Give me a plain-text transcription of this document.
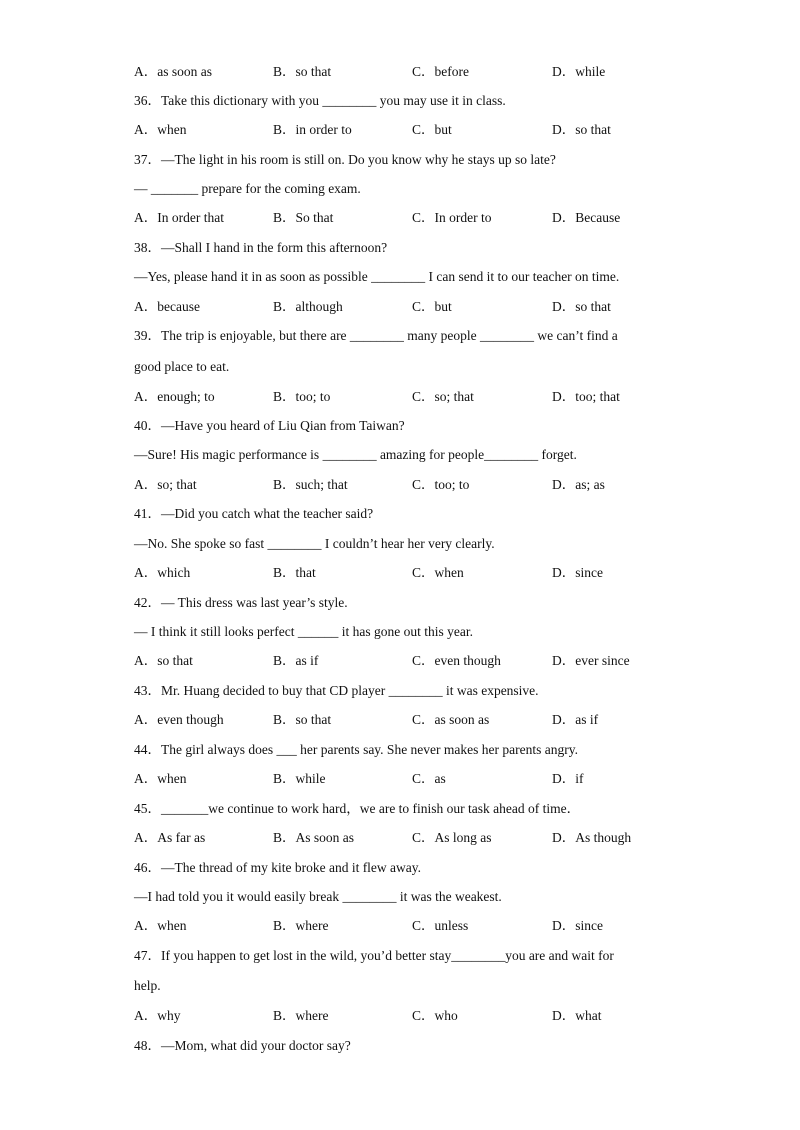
A．as soon as	B．so that	C．before	D．while
36．Take this dictionary with you ________ you may use it in class.
A．when	B．in order to	C．but	D．so that
37．—The light in his room is still on. Do you know why he stays up so late?
— _______ prepare for the coming exam.
A．In order that	B．So that	C．In order to	D．Because
38．—Shall I hand in the form this afternoon?
—Yes, please hand it in as soon as possible ________ I can send it to our teacher on time.
A．because	B．although	C．but	D．so that
39．The trip is enjoyable, but there are ________ many people ________ we can’t find a
good place to eat.
A．enough; to	B．too; to	C．so; that	D．too; that
40．—Have you heard of Liu Qian from Taiwan?
—Sure! His magic performance is ________ amazing for people________ forget.
A．so; that	B．such; that	C．too; to	D．as; as
41．—Did you catch what the teacher said?
—No. She spoke so fast ________ I couldn’t hear her very clearly.
A．which	B．that	C．when	D．since
42．— This dress was last year’s style.
— I think it still looks perfect ______ it has gone out this year.
A．so that	B．as if	C．even though	D．ever since
43．Mr. Huang decided to buy that CD player ________ it was expensive.
A．even though	B．so that	C．as soon as	D．as if
44．The girl always does ___ her parents say. She never makes her parents angry.
A．when	B．while	C．as	D．if
45．_______we continue to work hard，we are to finish our task ahead of time．
A．As far as	B．As soon as	C．As long as	D．As though
46．—The thread of my kite broke and it flew away.
—I had told you it would easily break ________ it was the weakest.
A．when	B．where	C．unless	D．since
47．If you happen to get lost in the wild, you’d better stay________you are and wait for
help.
A．why	B．where	C．who	D．what
48．—Mom, what did your doctor say?
